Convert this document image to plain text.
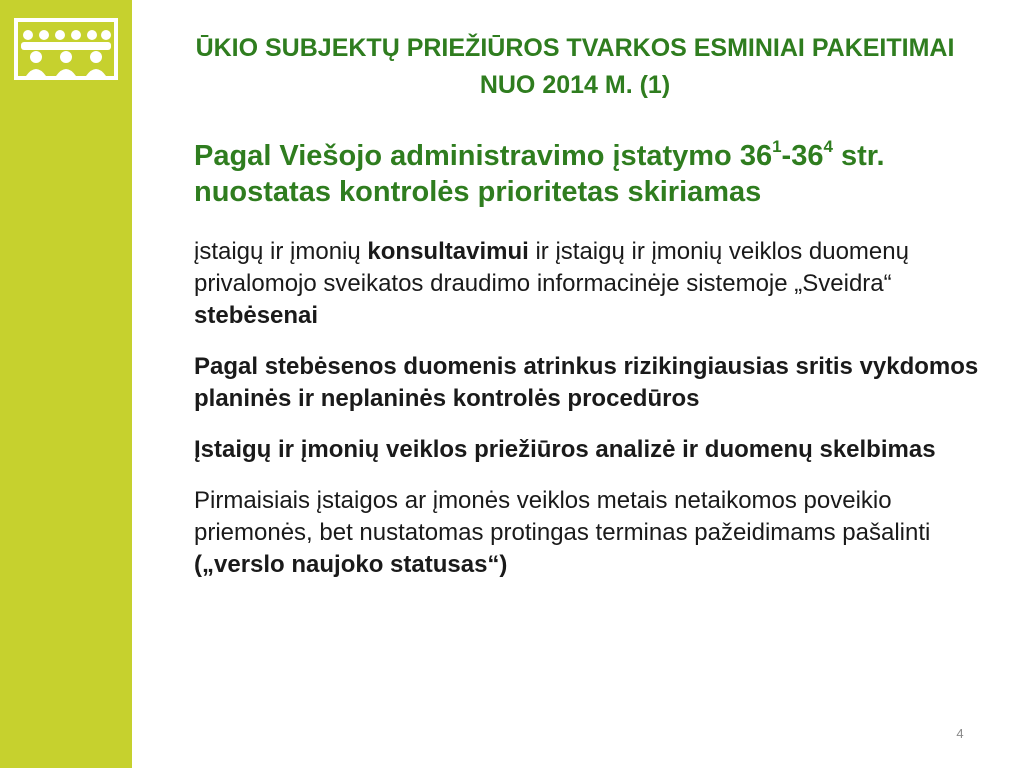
ŪKIO SUBJEKTŲ PRIEŽIŪROS TVARKOS ESMINIAI PAKEITIMAI
NUO 2014 M. (1)

Pagal Viešojo administravimo įstatymo $36^1-36^4$ str. nuostatas kontrolės prioritetas skiriamas

įstaigų ir įmonių konsultavimui ir įstaigų ir įmonių veiklos duomenų privalomojo sveikatos draudimo informacinėje sistemoje „Sveidra“ stebėsenai

Pagal stebėsenos duomenis atrinkus rizikingiausias sritis vykdomos planinės ir neplaninės kontrolės procedūros

Įstaigų ir įmonių veiklos priežiūros analizė ir duomenų skelbimas

Pirmaisiais įstaigos ar įmonės veiklos metais netaikomos poveikio priemonės, bet nustatomas protingas terminas pažeidimams pašalinti („verslo naujoko statusas“)

4
